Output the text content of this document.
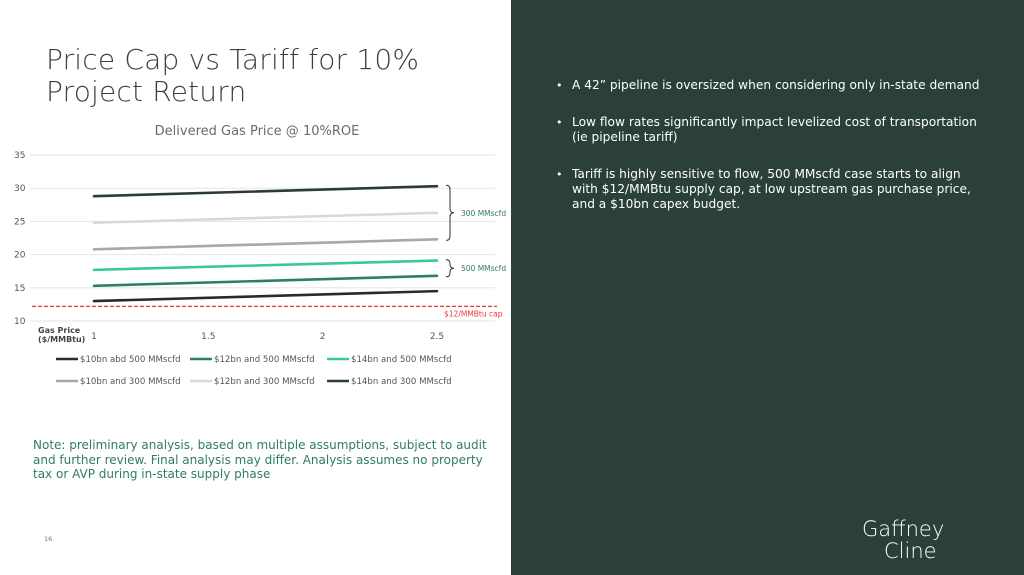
Price Cap vs Tariff for 10% Project Return
Delivered Gas Price @ 10%ROE
10
15
20
25
30
35
1	1.5	2	2.5
Gas Price
($/MMBtu)
$12/MMBtu cap
300 MMscfd
500 MMscfd
$10bn abd 500 MMscfd	$12bn and 500 MMscfd	$14bn and 500 MMscfd
$10bn and 300 MMscfd	$12bn and 300 MMscfd	$14bn and 300 MMscfd
Note: preliminary analysis, based on multiple assumptions, subject to audit and further review. Final analysis may differ. Analysis assumes no property tax or AVP during in-state supply phase
16
• A 42” pipeline is oversized when considering only in-state demand
• Low flow rates significantly impact levelized cost of transportation (ie pipeline tariff)
• Tariff is highly sensitive to flow, 500 MMscfd case starts to align with $12/MMBtu supply cap, at low upstream gas purchase price, and a $10bn capex budget.
Gaffney
Cline
